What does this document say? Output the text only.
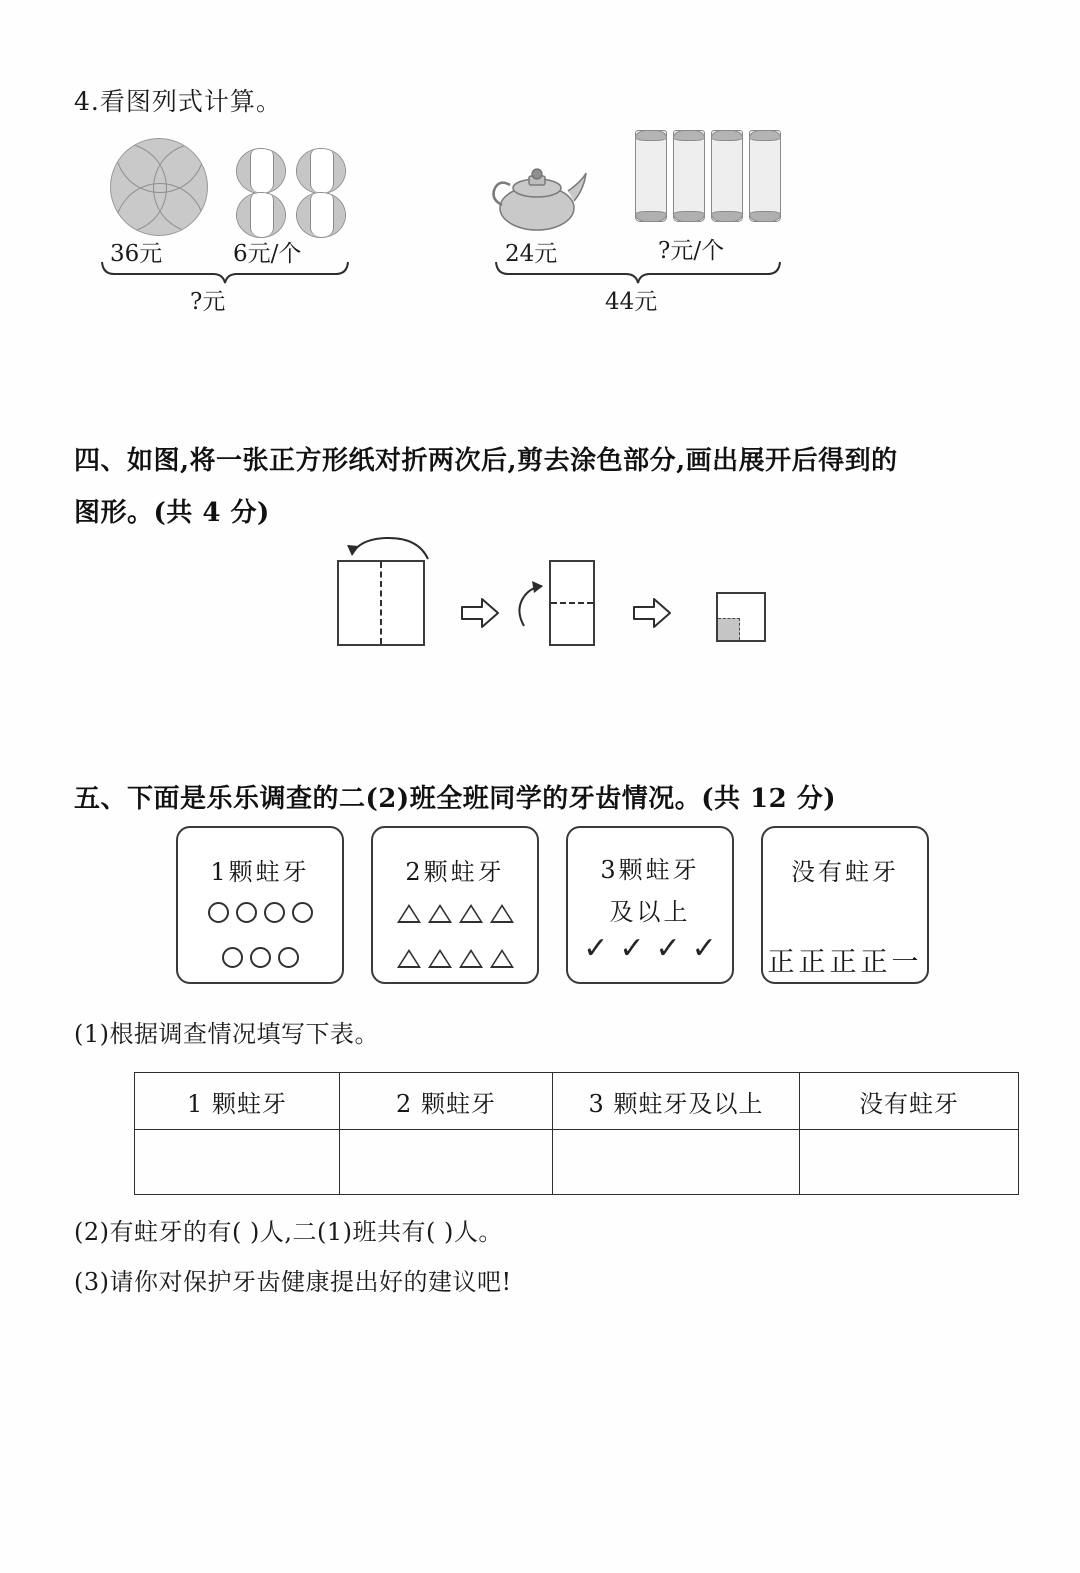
4.看图列式计算。
36元	6元/个
?元
24元	?元/个
44元
四、如图,将一张正方形纸对折两次后,剪去涂色部分,画出展开后得到的
图形。(共 4 分)
五、下面是乐乐调查的二(2)班全班同学的牙齿情况。(共 12 分)
1颗蛀牙	2颗蛀牙	3颗蛀牙
及以上
✓ ✓ ✓ ✓
没有蛀牙
正正正正一
(1)根据调查情况填写下表。
1 颗蛀牙	2 颗蛀牙	3 颗蛀牙及以上	没有蛀牙

(2)有蛀牙的有( )人,二(1)班共有( )人。
(3)请你对保护牙齿健康提出好的建议吧!
